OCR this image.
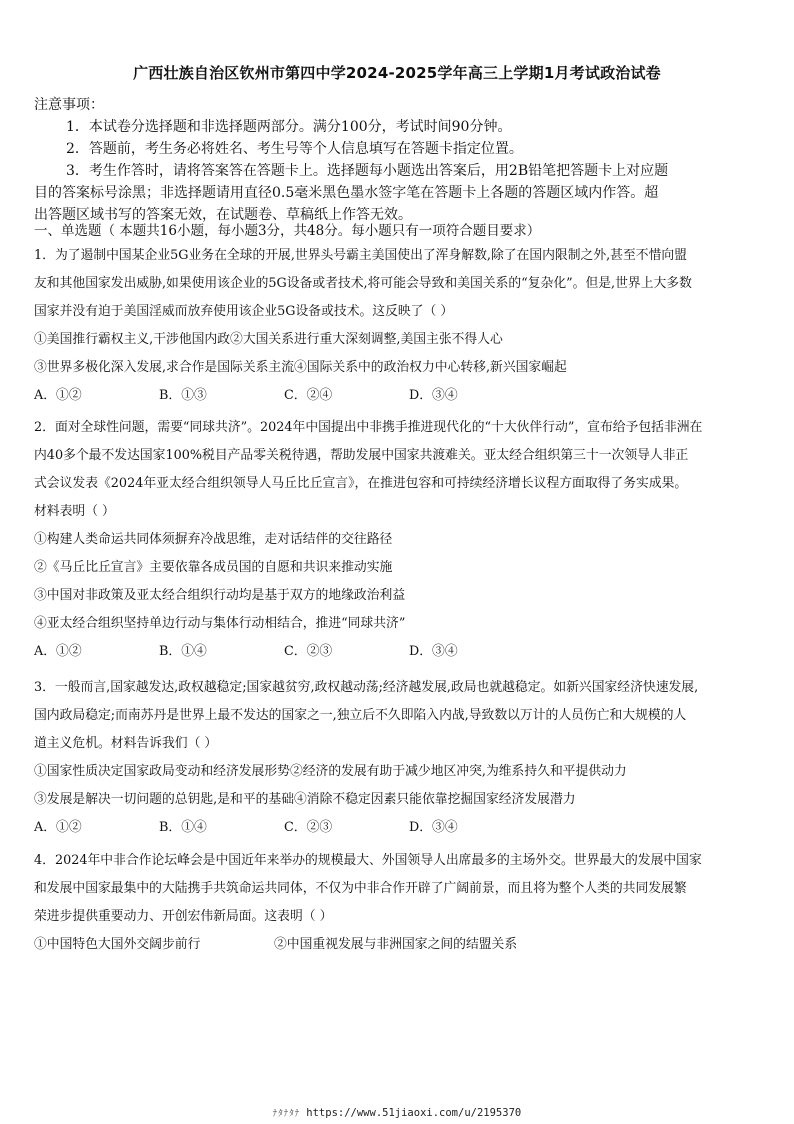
广西壮族自治区钦州市第四中学2024-2025学年高三上学期1月考试政治试卷
注意事项：
1．本试卷分选择题和非选择题两部分。满分100分，考试时间90分钟。
2．答题前，考生务必将姓名、考生号等个人信息填写在答题卡指定位置。
3．考生作答时，请将答案答在答题卡上。选择题每小题选出答案后，用2B铅笔把答题卡上对应题
目的答案标号涂黑；非选择题请用直径0.5毫米黑色墨水签字笔在答题卡上各题的答题区域内作答。超
出答题区域书写的答案无效，在试题卷、草稿纸上作答无效。
一、单选题（ 本题共16小题，每小题3分，共48分。每小题只有一项符合题目要求）
1．为了遏制中国某企业5G业务在全球的开展,世界头号霸主美国使出了浑身解数,除了在国内限制之外,甚至不惜向盟
友和其他国家发出威胁,如果使用该企业的5G设备或者技术,将可能会导致和美国关系的“复杂化”。但是,世界上大多数
国家并没有迫于美国淫威而放弃使用该企业5G设备或技术。这反映了（ ）
①美国推行霸权主义,干涉他国内政②大国关系进行重大深刻调整,美国主张不得人心
③世界多极化深入发展,求合作是国际关系主流④国际关系中的政治权力中心转移,新兴国家崛起
A．①②	B．①③	C．②④	D．③④
2．面对全球性问题，需要“同球共济”。2024年中国提出中非携手推进现代化的“十大伙伴行动”，宣布给予包括非洲在
内40多个最不发达国家100%税目产品零关税待遇，帮助发展中国家共渡难关。亚太经合组织第三十一次领导人非正
式会议发表《2024年亚太经合组织领导人马丘比丘宣言》，在推进包容和可持续经济增长议程方面取得了务实成果。
材料表明（ ）
①构建人类命运共同体须摒弃冷战思维，走对话结伴的交往路径
②《马丘比丘宣言》主要依靠各成员国的自愿和共识来推动实施
③中国对非政策及亚太经合组织行动均是基于双方的地缘政治利益
④亚太经合组织坚持单边行动与集体行动相结合，推进“同球共济”
A．①②	B．①④	C．②③	D．③④
3．一般而言,国家越发达,政权越稳定;国家越贫穷,政权越动荡;经济越发展,政局也就越稳定。如新兴国家经济快速发展,
国内政局稳定;而南苏丹是世界上最不发达的国家之一,独立后不久即陷入内战,导致数以万计的人员伤亡和大规模的人
道主义危机。材料告诉我们（ ）
①国家性质决定国家政局变动和经济发展形势②经济的发展有助于减少地区冲突,为维系持久和平提供动力
③发展是解决一切问题的总钥匙,是和平的基础④消除不稳定因素只能依靠挖掘国家经济发展潜力
A．①②	B．①④	C．②③	D．③④
4．2024年中非合作论坛峰会是中国近年来举办的规模最大、外国领导人出席最多的主场外交。世界最大的发展中国家
和发展中国家最集中的大陆携手共筑命运共同体，不仅为中非合作开辟了广阔前景，而且将为整个人类的共同发展繁
荣进步提供重要动力、开创宏伟新局面。这表明（ ）
①中国特色大国外交阔步前行	②中国重视发展与非洲国家之间的结盟关系
ﾅﾀﾅﾀﾅ https://www.51jiaoxi.com/u/2195370
